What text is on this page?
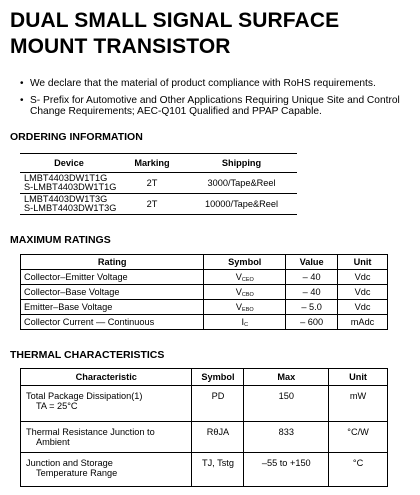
DUAL SMALL SIGNAL SURFACE
MOUNT TRANSISTOR
• We declare that the material of product compliance with RoHS requirements.
• S- Prefix for Automotive and Other Applications Requiring Unique Site and Control Change Requirements; AEC-Q101 Qualified and PPAP Capable.
ORDERING INFORMATION
Device	Marking	Shipping

LMBT4403DW1T1G
S-LMBT4403DW1T1G	2T	3000/Tape&Reel

LMBT4403DW1T3G
S-LMBT4403DW1T3G	2T	10000/Tape&Reel
MAXIMUM RATINGS
Rating	Symbol	Value	Unit
Collector–Emitter Voltage	VCEO	– 40	Vdc
Collector–Base Voltage	VCBO	– 40	Vdc
Emitter–Base Voltage	VEBO	– 5.0	Vdc
Collector Current — Continuous	IC	– 600	mAdc
THERMAL CHARACTERISTICS
Characteristic	Symbol	Max	Unit
Total Package Dissipation(1)
TA = 25°C	PD	150	mW
Thermal Resistance Junction to
Ambient	RθJA	833	°C/W
Junction and Storage
Temperature Range	TJ, Tstg	–55 to +150	°C
